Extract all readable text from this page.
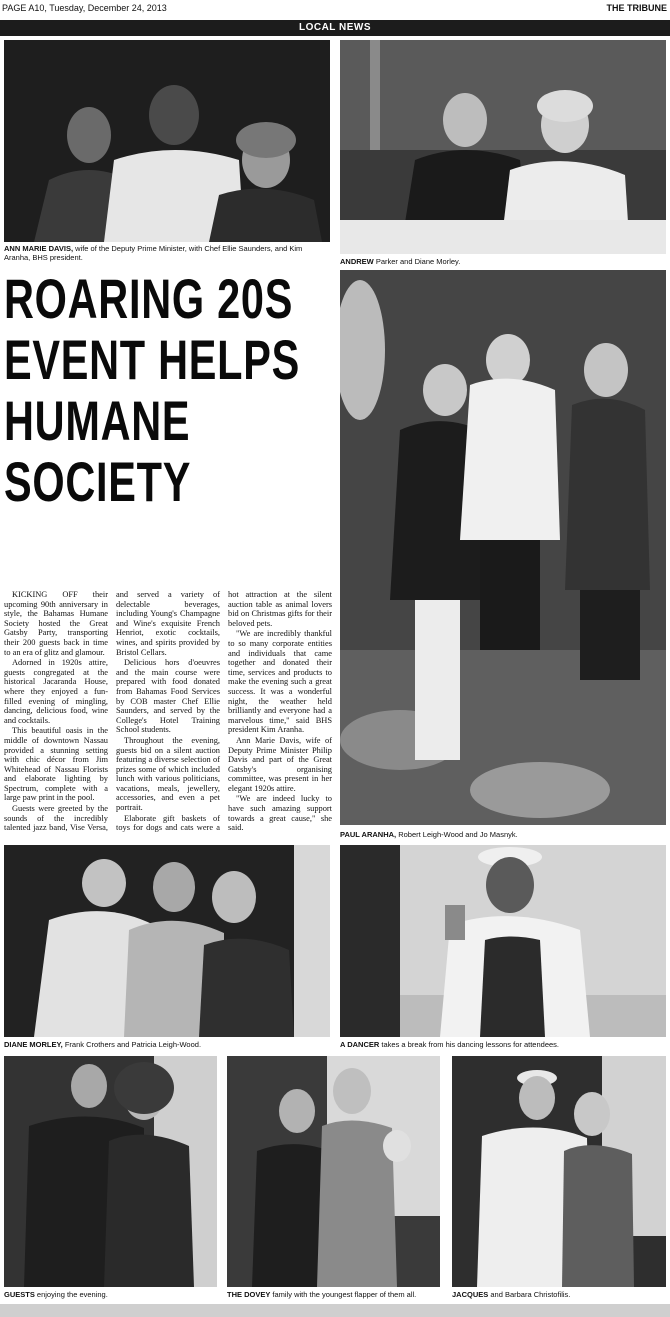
PAGE A10, Tuesday, December 24, 2013	THE TRIBUNE
LOCAL NEWS
ANN MARIE DAVIS, wife of the Deputy Prime Minister, with Chef Ellie Saunders, and Kim Aranha, BHS president.	ANDREW Parker and Diane Morley.
ROARING 20S
EVENT HELPS
HUMANE
SOCIETY

KICKING OFF their upcoming 90th anniversary in style, the Bahamas Humane Society hosted the Great Gatsby Party, transporting their 200 guests back in time to an era of glitz and glamour.

Adorned in 1920s attire, guests congregated at the historical Jacaranda House, where they enjoyed a fun-filled evening of mingling, dancing, delicious food, wine and cocktails.

This beautiful oasis in the middle of downtown Nassau provided a stunning setting with chic décor from Jim Whitehead of Nassau Florists and elaborate lighting by Spectrum, complete with a large paw print in the pool.

Guests were greeted by the sounds of the incredibly talented jazz band, Vise Versa, and served a variety of delectable beverages, including Young's Champagne and Wine's exquisite French Henriot, exotic cocktails, wines, and spirits provided by Bristol Cellars.

Delicious hors d'oeuvres and the main course were prepared with food donated from Bahamas Food Services by COB master Chef Ellie Saunders, and served by the College's Hotel Training School students.

Throughout the evening, guests bid on a silent auction featuring a diverse selection of prizes some of which included lunch with various politicians, vacations, meals, jewellery, accessories, and even a pet portrait.

Elaborate gift baskets of toys for dogs and cats were a hot attraction at the silent auction table as animal lovers bid on Christmas gifts for their beloved pets.

"We are incredibly thankful to so many corporate entities and individuals that came together and donated their time, services and products to make the evening such a great success. It was a wonderful night, the weather held brilliantly and everyone had a marvelous time," said BHS president Kim Aranha.

Ann Marie Davis, wife of Deputy Prime Minister Philip Davis and part of the Great Gatsby's organising committee, was present in her elegant 1920s attire.

"We are indeed lucky to have such amazing support towards a great cause," she said.

PAUL ARANHA, Robert Leigh-Wood and Jo Masnyk.
DIANE MORLEY, Frank Crothers and Patricia Leigh-Wood.	A DANCER takes a break from his dancing lessons for attendees.
GUESTS enjoying the evening.	THE DOVEY family with the youngest flapper of them all.	JACQUES and Barbara Christofilis.
